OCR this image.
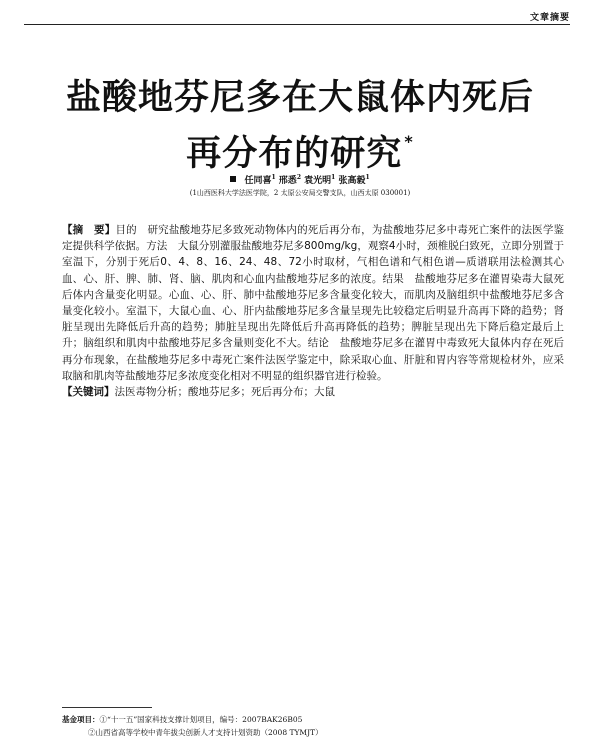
文章摘要
盐酸地芬尼多在大鼠体内死后
再分布的研究 *
任同喜$^1$ 邢悉$^2$ 袁光明$^1$ 张高毅$^1$
(1山西医科大学法医学院，2 太原公安局交警支队，山西太原 030001)

【摘　要】目的　研究盐酸地芬尼多致死动物体内的死后再分布，为盐酸地芬尼多中毒死亡案件的法医学鉴定提供科学依据。方法　大鼠分别灌服盐酸地芬尼多800mg/kg，观察4小时，颈椎脱臼致死，立即分别置于室温下，分别于死后0、4、8、16、24、48、72小时取材，气相色谱和气相色谱—质谱联用法检测其心血、心、肝、脾、肺、肾、脑、肌肉和心血内盐酸地芬尼多的浓度。结果　盐酸地芬尼多在灌胃染毒大鼠死后体内含量变化明显。心血、心、肝、肺中盐酸地芬尼多含量变化较大，而肌肉及脑组织中盐酸地芬尼多含量变化较小。室温下，大鼠心血、心、肝内盐酸地芬尼多含量呈现先比较稳定后明显升高再下降的趋势；肾脏呈现出先降低后升高的趋势；肺脏呈现出先降低后升高再降低的趋势；脾脏呈现出先下降后稳定最后上升；脑组织和肌肉中盐酸地芬尼多含量则变化不大。结论　盐酸地芬尼多在灌胃中毒致死大鼠体内存在死后再分布现象，在盐酸地芬尼多中毒死亡案件法医学鉴定中，除采取心血、肝脏和胃内容等常规检材外，应采取脑和肌肉等盐酸地芬尼多浓度变化相对不明显的组织器官进行检验。

【关键词】法医毒物分析；酸地芬尼多；死后再分布；大鼠

基金项目：①“十一五”国家科技支撑计划项目，编号：2007BAK26B05
②山西省高等学校中青年拔尖创新人才支持计划资助（2008 TYMJT）
